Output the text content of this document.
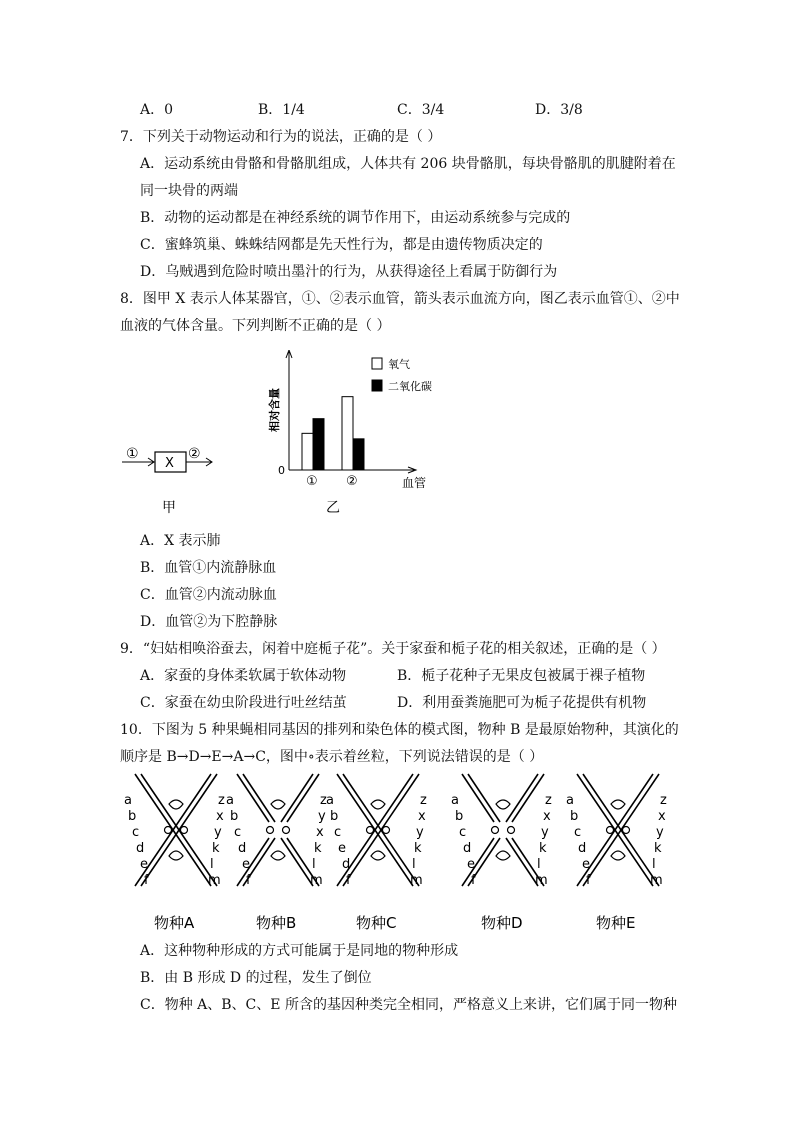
A．0	B．1/4	C．3/4	D．3/8
7．下列关于动物运动和行为的说法，正确的是（ ）
A．运动系统由骨骼和骨骼肌组成，人体共有 206 块骨骼肌，每块骨骼肌的肌腱附着在
同一块骨的两端
B．动物的运动都是在神经系统的调节作用下，由运动系统参与完成的
C．蜜蜂筑巢、蛛蛛结网都是先天性行为，都是由遗传物质决定的
D．乌贼遇到危险时喷出墨汁的行为，从获得途径上看属于防御行为
8．图甲 X 表示人体某器官，①、②表示血管，箭头表示血流方向，图乙表示血管①、②中
血液的气体含量。下列判断不正确的是（ ）
①
X
②
甲
相对含量
0
血管
① ②
氧气
二氧化碳
乙
A．X 表示肺
B．血管①内流静脉血
C．血管②内流动脉血
D．血管②为下腔静脉
9．“妇姑相唤浴蚕去，闲着中庭栀子花”。关于家蚕和栀子花的相关叙述，正确的是（ ）
A．家蚕的身体柔软属于软体动物	B．栀子花种子无果皮包被属于裸子植物
C．家蚕在幼虫阶段进行吐丝结茧	D．利用蚕粪施肥可为栀子花提供有机物
10．下图为 5 种果蝇相同基因的排列和染色体的模式图，物种 B 是最原始物种，其演化的
顺序是 B→D→E→A→C，图中∘表示着丝粒，下列说法错误的是（ ）
a
b
c
d
e
f
z
x
y
k
l
m
物种A
a
b
c
d
e
f
z
y
x
k
l
m
物种B
a
b
c
e
d
f
z
x
y
k
l
m
物种C
a
b
c
d
e
f
z
x
y
k
l
m
物种D
a
b
c
d
e
f
z
x
y
k
l
m
物种E
A．这种物种形成的方式可能属于是同地的物种形成
B．由 B 形成 D 的过程，发生了倒位
C．物种 A、B、C、E 所含的基因种类完全相同，严格意义上来讲，它们属于同一物种
